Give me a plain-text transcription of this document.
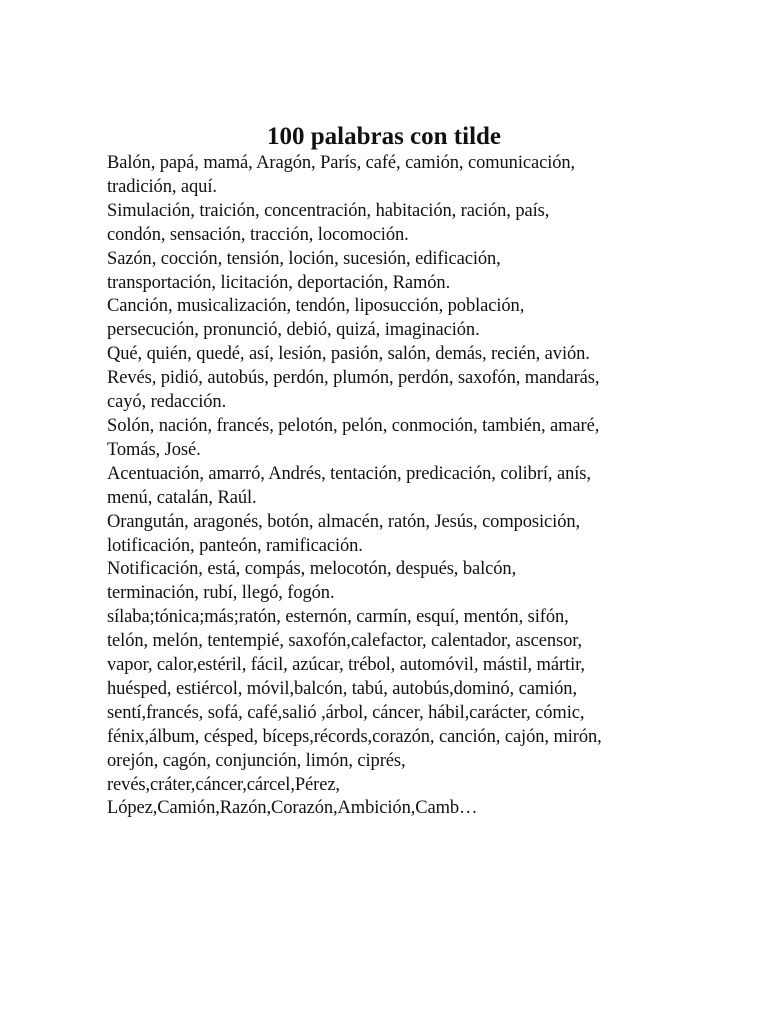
100 palabras con tilde
Balón, papá, mamá, Aragón, París, café, camión, comunicación,
tradición, aquí.
Simulación, traición, concentración, habitación, ración, país,
condón, sensación, tracción, locomoción.
Sazón, cocción, tensión, loción, sucesión, edificación,
transportación, licitación, deportación, Ramón.
Canción, musicalización, tendón, liposucción, población,
persecución, pronunció, debió, quizá, imaginación.
Qué, quién, quedé, así, lesión, pasión, salón, demás, recién, avión.
Revés, pidió, autobús, perdón, plumón, perdón, saxofón, mandarás,
cayó, redacción.
Solón, nación, francés, pelotón, pelón, conmoción, también, amaré,
Tomás, José.
Acentuación, amarró, Andrés, tentación, predicación, colibrí, anís,
menú, catalán, Raúl.
Orangután, aragonés, botón, almacén, ratón, Jesús, composición,
lotificación, panteón, ramificación.
Notificación, está, compás, melocotón, después, balcón,
terminación, rubí, llegó, fogón.
sílaba;tónica;más;ratón, esternón, carmín, esquí, mentón, sifón,
telón, melón, tentempié, saxofón,calefactor, calentador, ascensor,
vapor, calor,estéril, fácil, azúcar, trébol, automóvil, mástil, mártir,
huésped, estiércol, móvil,balcón, tabú, autobús,dominó, camión,
sentí,francés, sofá, café,salió ,árbol, cáncer, hábil,carácter, cómic,
fénix,álbum, césped, bíceps,récords,corazón, canción, cajón, mirón,
orejón, cagón, conjunción, limón, ciprés,
revés,cráter,cáncer,cárcel,Pérez,
López,Camión,Razón,Corazón,Ambición,Camb…
